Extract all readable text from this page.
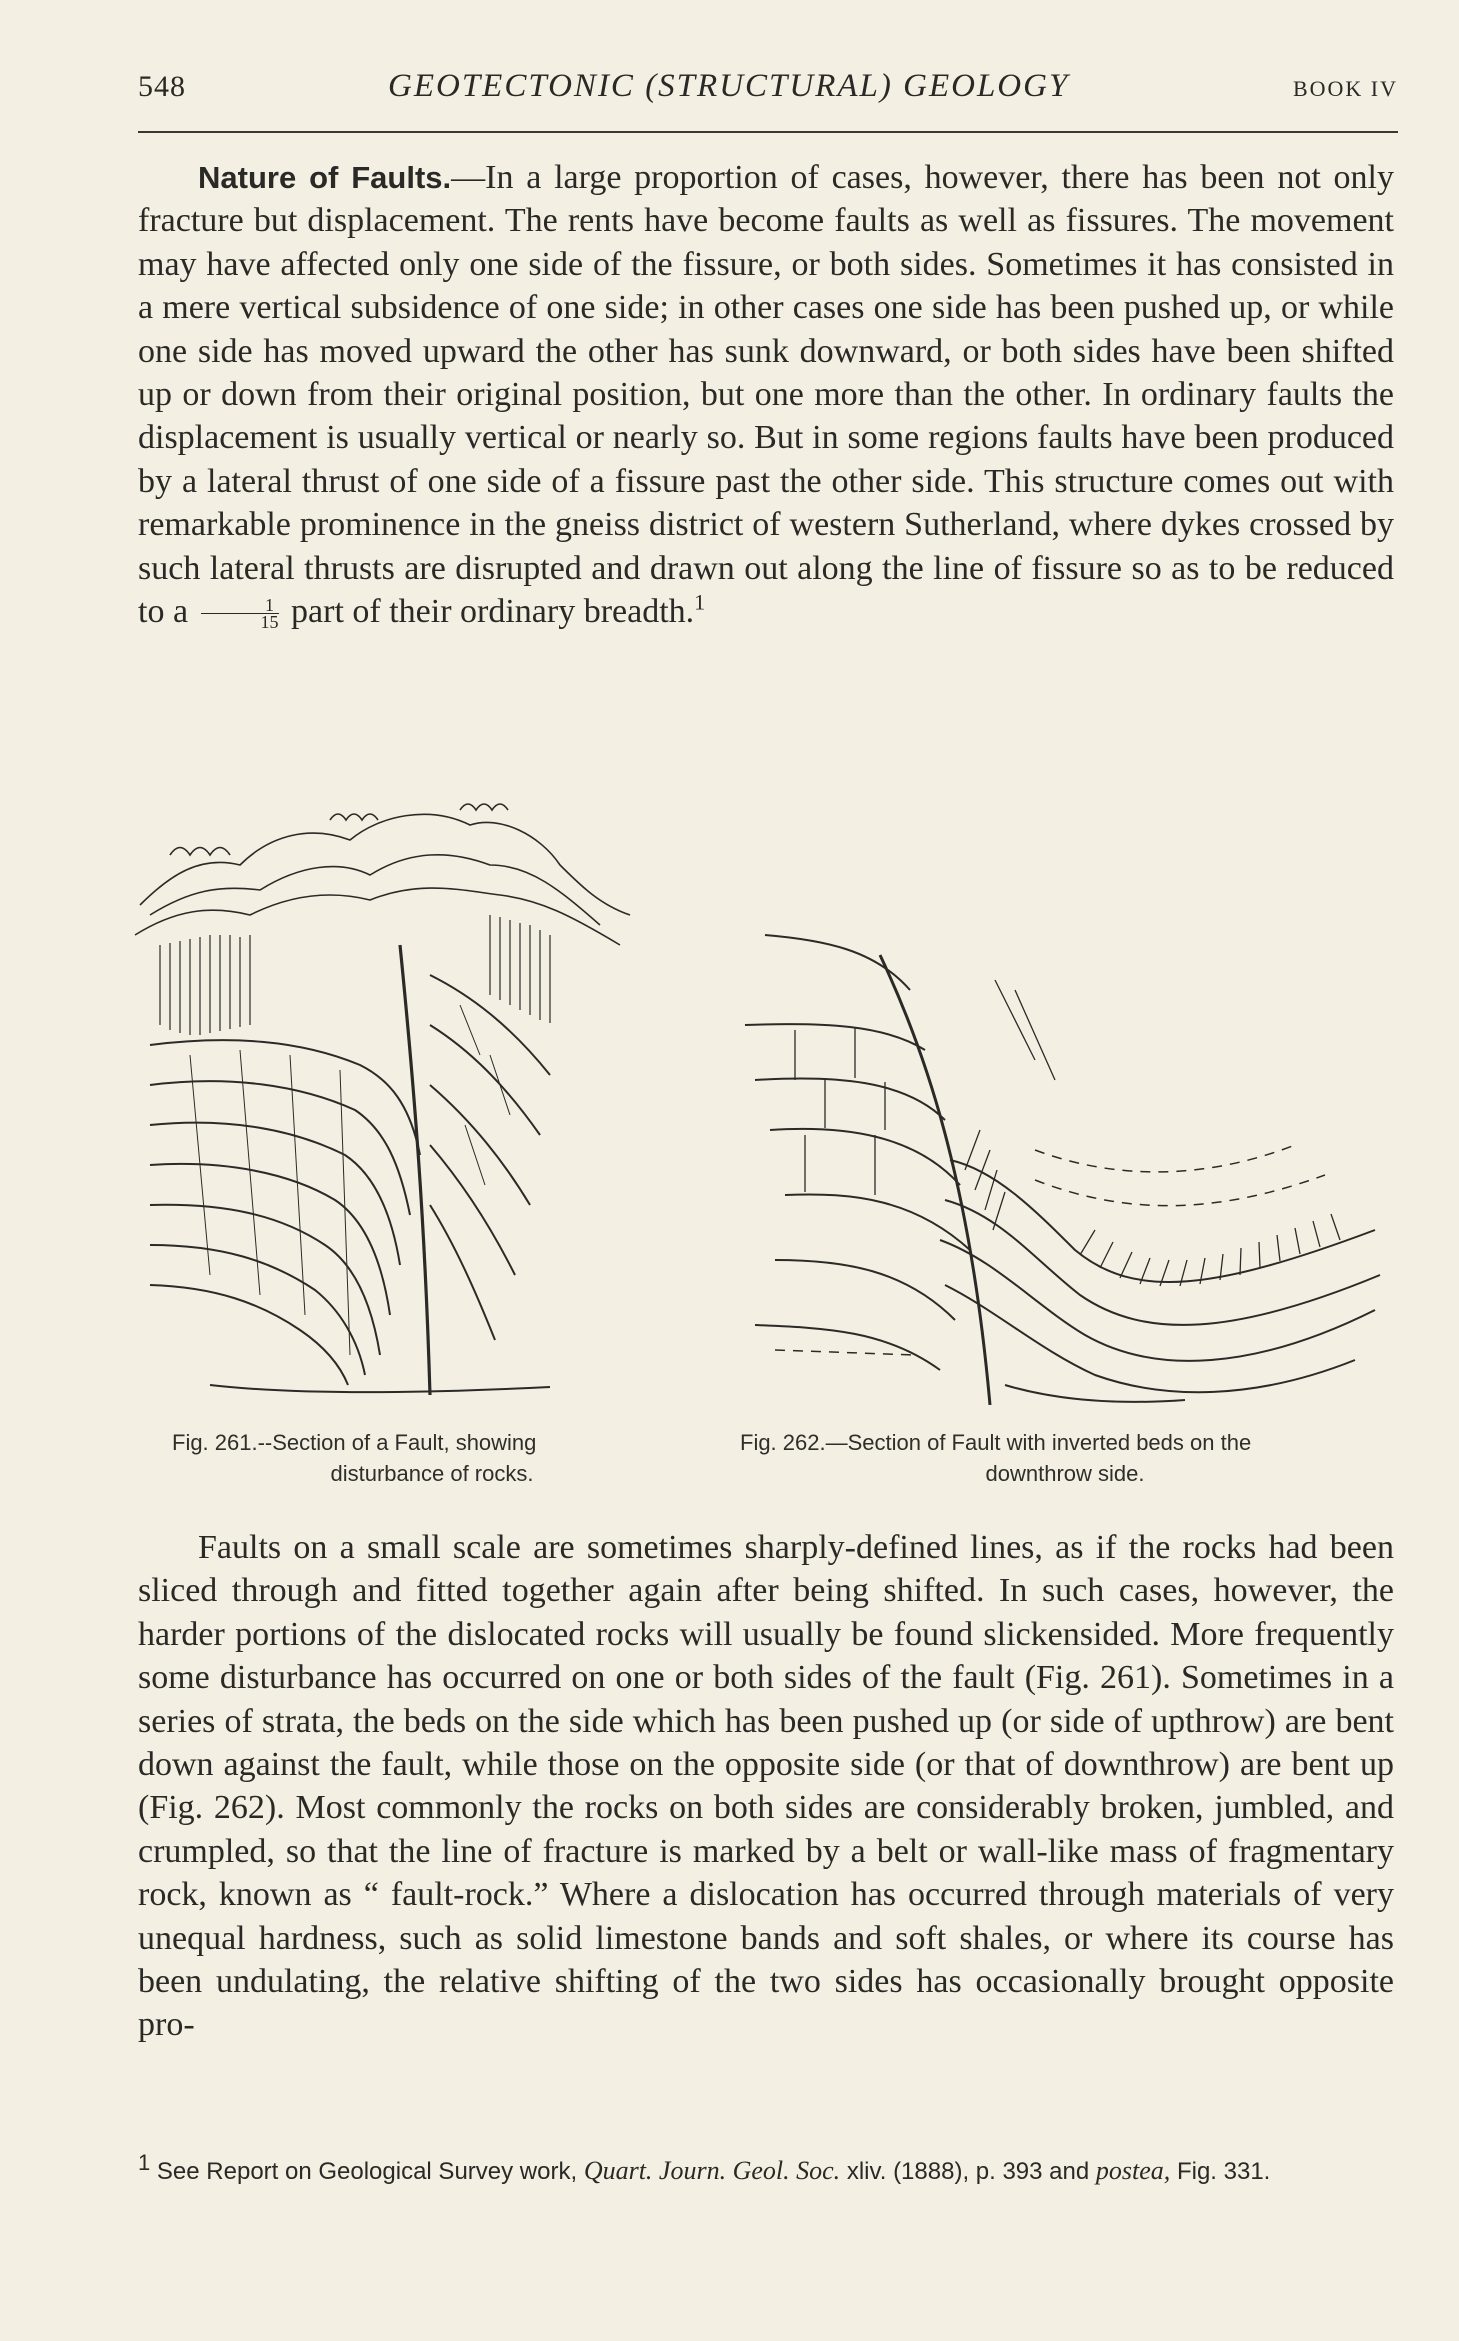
548	GEOTECTONIC (STRUCTURAL) GEOLOGY	BOOK IV

Nature of Faults.—In a large proportion of cases, however, there has been not only fracture but displacement. The rents have become faults as well as fissures. The movement may have affected only one side of the fissure, or both sides. Sometimes it has consisted in a mere vertical subsidence of one side; in other cases one side has been pushed up, or while one side has moved upward the other has sunk downward, or both sides have been shifted up or down from their original position, but one more than the other. In ordinary faults the displacement is usually vertical or nearly so. But in some regions faults have been produced by a lateral thrust of one side of a fissure past the other side. This structure comes out with remarkable prominence in the gneiss district of western Sutherland, where dykes crossed by such lateral thrusts are disrupted and drawn out along the line of fissure so as to be reduced to a $\frac{1}{15}$ part of their ordinary breadth.$^1$

Fig. 261.--Section of a Fault, showing
disturbance of rocks.
Fig. 262.—Section of Fault with inverted beds on the
downthrow side.

Faults on a small scale are sometimes sharply-defined lines, as if the rocks had been sliced through and fitted together again after being shifted. In such cases, however, the harder portions of the dislocated rocks will usually be found slickensided. More frequently some disturbance has occurred on one or both sides of the fault (Fig. 261). Sometimes in a series of strata, the beds on the side which has been pushed up (or side of upthrow) are bent down against the fault, while those on the opposite side (or that of downthrow) are bent up (Fig. 262). Most commonly the rocks on both sides are considerably broken, jumbled, and crumpled, so that the line of fracture is marked by a belt or wall-like mass of fragmentary rock, known as “ fault-rock.” Where a dislocation has occurred through materials of very unequal hardness, such as solid limestone bands and soft shales, or where its course has been undulating, the relative shifting of the two sides has occasionally brought opposite pro-

$^1$ See Report on Geological Survey work, Quart. Journ. Geol. Soc. xliv. (1888), p. 393 and postea, Fig. 331.
